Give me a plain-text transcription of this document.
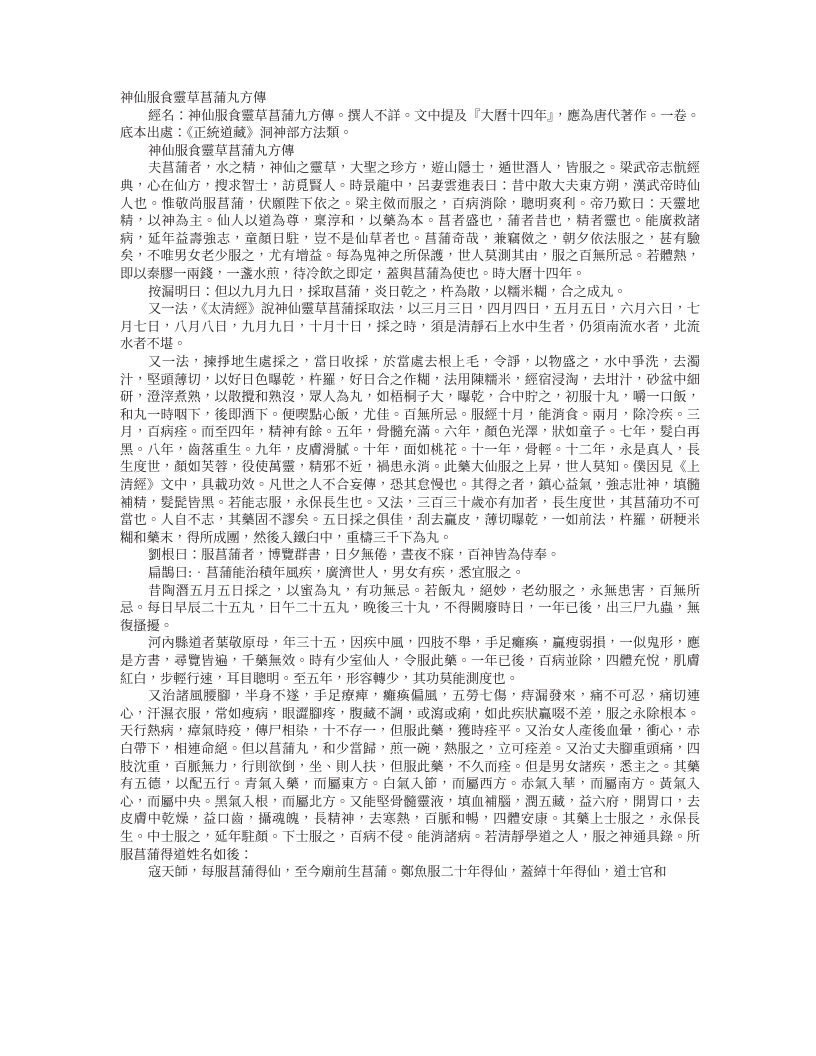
神仙服食靈草菖蒲丸方傳

經名：神仙服食靈草菖蒲九方傳。撰人不詳。文中提及『大曆十四年』，應為唐代著作。一卷。底本出處：《正統道藏》洞神部方法類。

神仙服食靈草菖蒲丸方傳

夫菖蒲者，水之精，神仙之靈草，大聖之珍方，遊山隱士，遁世潛人，皆服之。梁武帝志骯經典，心在仙方，搜求智士，訪覓賢人。時景龍中，呂妻雲進表曰：昔中散大夫東方朔，漢武帝時仙人也。惟敬尚服菖蒲，伏願陛下依之。梁主傚而服之，百病消除，聰明爽利。帝乃歎曰：天靈地精，以神為主。仙人以道為尊，稟淳和，以藥為本。菖者盛也，蒲者昔也，精者靈也。能廣救諸病，延年益壽強志，童顏日駐，豈不是仙草者也。菖蒲奇哉，兼竊傚之，朝夕依法服之，甚有驗矣，不唯男女老少服之，尤有增益。每為鬼神之所保護，世人莫測其由，服之百無所忌。若體熱，即以秦膠一兩錢，一盞水煎，待冷飲之即定，蓋與菖蒲為使也。時大曆十四年。

按漏明曰：但以九月九日，採取菖蒲，炎日乾之，杵為散，以糯米糊，合之成丸。

又一法，《太清經》說神仙靈草菖蒲採取法，以三月三日，四月四日，五月五日，六月六日，七月七日，八月八日，九月九日，十月十日，採之時，須是清靜石上水中生者，仍須南流水者，北流水者不堪。

又一法，揀掙地生處採之，當日收採，於當處去根上毛，令諍，以物盛之，水中爭洗，去濁汁，堅頭薄切，以好日色曝乾，杵羅，好日合之作糊，法用陳糯米，經宿浸淘，去坩汁，砂盆中細研，澄滓煮熟，以散攪和熟沒，眾人為丸，如梧桐子大，曝乾，合中貯之，初服十丸，嚼一口飯，和丸一時咽下，後即酒下。便喫點心飯，尤佳。百無所忌。服經十月，能消食。兩月，除冷疾。三月，百病痊。而至四年，精神有餘。五年，骨髓充滿。六年，顏色光澤，狀如童子。七年，髮白再黑。八年，齒落重生。九年，皮膚滑膩。十年，面如桃花。十一年，骨輕。十二年，永是真人，長生度世，顏如芙蓉，役使萬靈，精邪不近，禍患永消。此藥大仙服之上昇，世人莫知。僕因見《上清經》文中，具載功效。凡世之人不合妄傳，恐其怠慢也。其得之者，鎮心益氣，強志壯神，填髓補精，髮髭皆黑。若能志服，永保長生也。又法，三百三十歲亦有加者，長生度世，其菖蒲功不可當也。人自不志，其藥固不謬矣。五日採之俱佳，刮去贏皮，薄切曝乾，一如前法，杵羅，研粳米糊和藥末，得所成團，然後入鐵臼中，重檮三千下為丸。

劉根曰：服菖蒲者，博覽群書，日夕無倦，晝夜不寐，百神皆為侍奉。

扁鵲曰:．菖蒲能治積年風疾，廣濟世人，男女有疾，悉宜服之。

昔陶潛五月五日採之，以蜜為丸，有功無忌。若飯丸，絕妙，老幼服之，永無患害，百無所忌。每日早辰二十五丸，日午二十五丸，晚後三十丸，不得闕廢時日，一年已後，出三尸九蟲，無復搔擾。

河內縣道者葉敬原母，年三十五，因疾中風，四肢不舉，手足癱瘓，贏瘦弱損，一似鬼形，應是方書，尋覽皆遍，千藥無效。時有少室仙人，令服此藥。一年已後，百病並除，四體充悅，肌膚紅白，步輕行速，耳目聰明。至五年，形容轉少，其功莫能測度也。

又治諸風腰腳，半身不遂，手足療痺，癱瘓偏風，五勞七傷，痔漏發來，痛不可忍，痛切連心，汗濕衣服，常如瘦病，眼澀腳疼，腹藏不調，或瀉或痢，如此疾狀贏啜不差，服之永除根本。天行熱病，瘴氣時疫，傳尸相染，十不存一，但服此藥，獲時痊平。又治女人產後血暈，衝心，赤白帶下，相連命絕。但以菖蒲丸，和少當歸，煎一碗，熱服之，立可痊差。又治丈夫腳重頭痛，四肢沈重，百脈無力，行則欲倒，坐、則人扶，但服此藥，不久而痊。但是男女諸疾，悉主之。其藥有五德，以配五行。青氣入藥，而屬東方。白氣入節，而屬西方。赤氣入華，而屬南方。黃氣入心，而屬中央。黑氣入根，而屬北方。又能堅骨髓靈液，填血補腦，潤五藏，益六府，開胃口，去皮膚中乾燥，益口齒，攝魂魄，長精神，去寒熱，百脈和暢，四體安康。其藥上士服之，永保長生。中士服之，延年駐顏。下士服之，百病不侵。能消諸病。若清靜學道之人，服之神通具錄。所服菖蒲得道姓名如後：

寇天師，每服菖蒲得仙，至今廟前生菖蒲。鄭魚服二十年得仙，蓋綽十年得仙，道士官和
